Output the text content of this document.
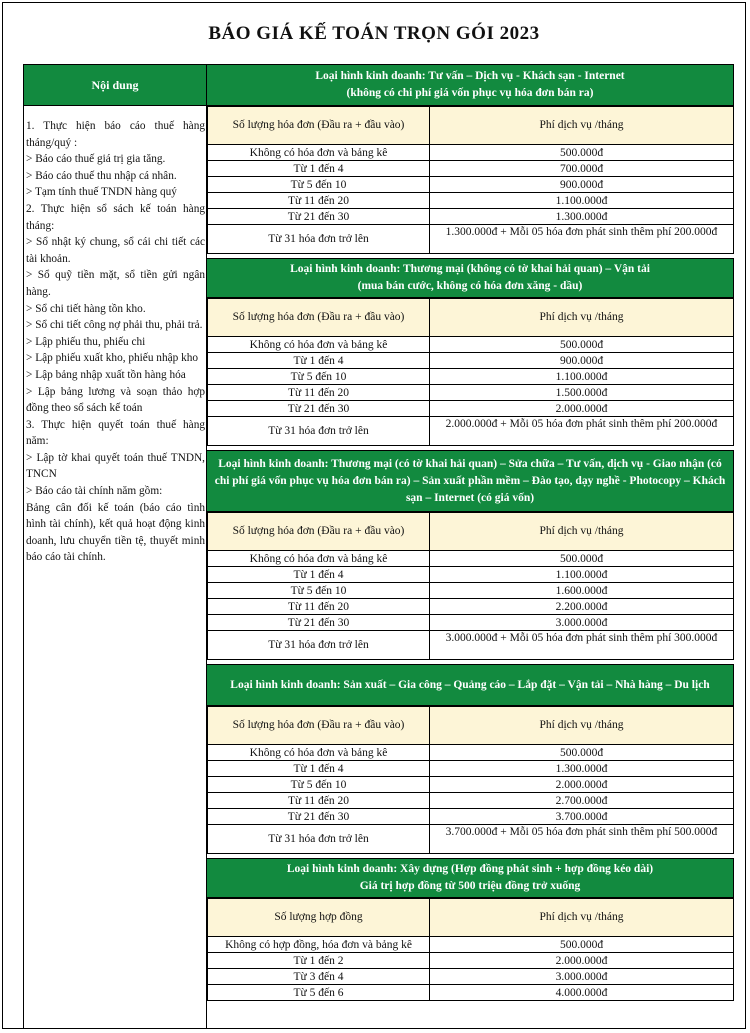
BÁO GIÁ KẾ TOÁN TRỌN GÓI 2023
Nội dung
1. Thực hiện báo cáo thuế hàng tháng/quý :
> Báo cáo thuế giá trị gia tăng.
> Báo cáo thuế thu nhập cá nhân.
> Tạm tính thuế TNDN hàng quý
2. Thực hiện sổ sách kế toán hàng tháng:
> Sổ nhật ký chung, sổ cái chi tiết các tài khoản.
> Sổ quỹ tiền mặt, sổ tiền gửi ngân hàng.
> Sổ chi tiết hàng tồn kho.
> Sổ chi tiết công nợ phải thu, phải trả.
> Lập phiếu thu, phiếu chi
> Lập phiếu xuất kho, phiếu nhập kho
> Lập bảng nhập xuất tồn hàng hóa
> Lập bảng lương và soạn thảo hợp đồng theo sổ sách kế toán
3. Thực hiện quyết toán thuế hàng năm:
> Lập tờ khai quyết toán thuế TNDN, TNCN
> Báo cáo tài chính năm gồm:
Bảng cân đối kế toán (báo cáo tình hình tài chính), kết quả hoạt động kinh doanh, lưu chuyển tiền tệ, thuyết minh báo cáo tài chính.
Loại hình kinh doanh: Tư vấn – Dịch vụ - Khách sạn - Internet
(không có chi phí giá vốn phục vụ hóa đơn bán ra)
Số lượng hóa đơn (Đầu ra + đầu vào)	Phí dịch vụ /tháng
Không có hóa đơn và bảng kê	500.000đ
Từ 1 đến 4	700.000đ
Từ 5 đến 10	900.000đ
Từ 11 đến 20	1.100.000đ
Từ 21 đến 30	1.300.000đ
Từ 31 hóa đơn trở lên	1.300.000đ + Mỗi 05 hóa đơn phát sinh thêm phí 200.000đ
Loại hình kinh doanh: Thương mại (không có tờ khai hải quan) – Vận tải
(mua bán cước, không có hóa đơn xăng - dầu)
Số lượng hóa đơn (Đầu ra + đầu vào)	Phí dịch vụ /tháng
Không có hóa đơn và bảng kê	500.000đ
Từ 1 đến 4	900.000đ
Từ 5 đến 10	1.100.000đ
Từ 11 đến 20	1.500.000đ
Từ 21 đến 30	2.000.000đ
Từ 31 hóa đơn trở lên	2.000.000đ + Mỗi 05 hóa đơn phát sinh thêm phí 200.000đ
Loại hình kinh doanh: Thương mại (có tờ khai hải quan) – Sửa chữa – Tư vấn, dịch vụ - Giao nhận (có chi phí giá vốn phục vụ hóa đơn bán ra) – Sản xuất phần mềm – Đào tạo, dạy nghề - Photocopy – Khách sạn – Internet (có giá vốn)
Số lượng hóa đơn (Đầu ra + đầu vào)	Phí dịch vụ /tháng
Không có hóa đơn và bảng kê	500.000đ
Từ 1 đến 4	1.100.000đ
Từ 5 đến 10	1.600.000đ
Từ 11 đến 20	2.200.000đ
Từ 21 đến 30	3.000.000đ
Từ 31 hóa đơn trở lên	3.000.000đ + Mỗi 05 hóa đơn phát sinh thêm phí 300.000đ
Loại hình kinh doanh: Sản xuất – Gia công – Quảng cáo – Lắp đặt – Vận tải – Nhà hàng – Du lịch
Số lượng hóa đơn (Đầu ra + đầu vào)	Phí dịch vụ /tháng
Không có hóa đơn và bảng kê	500.000đ
Từ 1 đến 4	1.300.000đ
Từ 5 đến 10	2.000.000đ
Từ 11 đến 20	2.700.000đ
Từ 21 đến 30	3.700.000đ
Từ 31 hóa đơn trở lên	3.700.000đ + Mỗi 05 hóa đơn phát sinh thêm phí 500.000đ
Loại hình kinh doanh: Xây dựng (Hợp đồng phát sinh + hợp đồng kéo dài)
Giá trị hợp đồng từ 500 triệu đồng trở xuống
Số lượng hợp đồng	Phí dịch vụ /tháng
Không có hợp đồng, hóa đơn và bảng kê	500.000đ
Từ 1 đến 2	2.000.000đ
Từ 3 đến 4	3.000.000đ
Từ 5 đến 6	4.000.000đ
